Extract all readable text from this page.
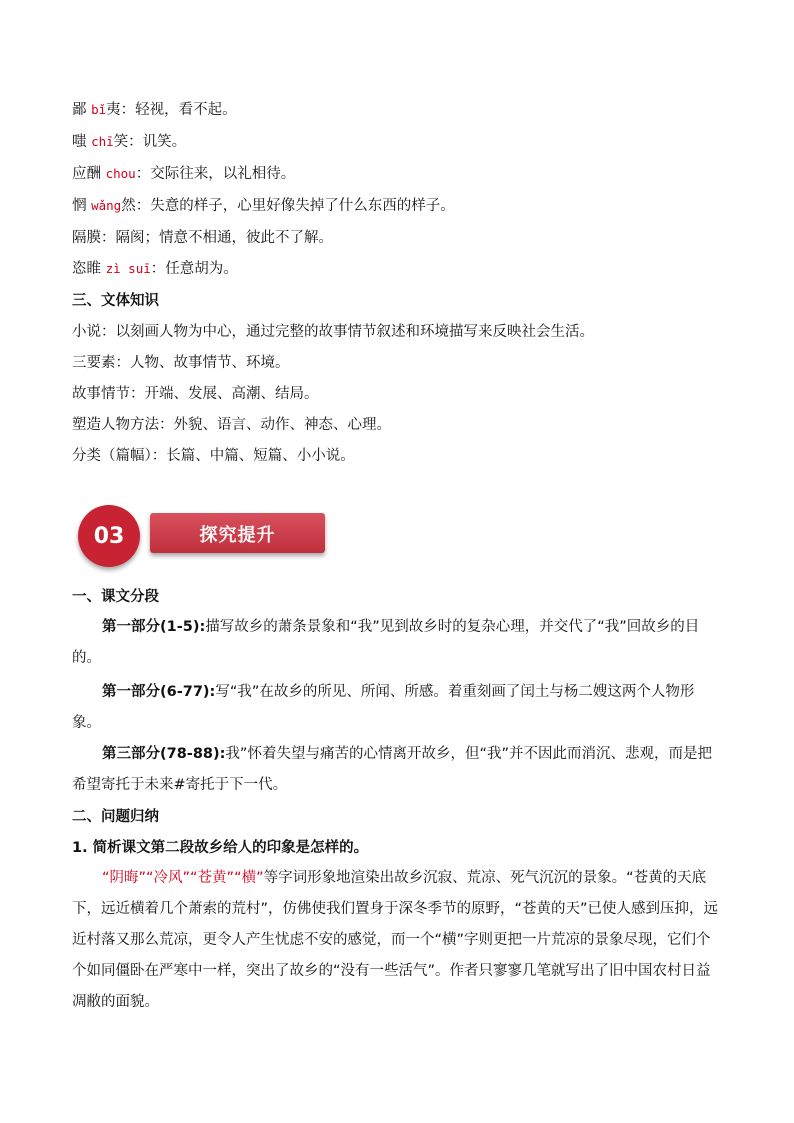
鄙 bǐ夷：轻视，看不起。
嗤 chī笑：讥笑。
应酬 chou：交际往来，以礼相待。
惘 wǎng然：失意的样子，心里好像失掉了什么东西的样子。
隔膜：隔阂；情意不相通，彼此不了解。
恣睢 zì suī：任意胡为。
三、文体知识
小说：以刻画人物为中心，通过完整的故事情节叙述和环境描写来反映社会生活。
三要素：人物、故事情节、环境。
故事情节：开端、发展、高潮、结局。
塑造人物方法：外貌、语言、动作、神态、心理。
分类（篇幅）：长篇、中篇、短篇、小小说。
探究提升
03
一、课文分段
第一部分(1-5):描写故乡的萧条景象和“我”见到故乡时的复杂心理，并交代了“我”回故乡的目的。
第一部分(6-77):写“我”在故乡的所见、所闻、所感。着重刻画了闰土与杨二嫂这两个人物形象。
第三部分(78-88):我”怀着失望与痛苦的心情离开故乡，但“我”并不因此而消沉、悲观，而是把希望寄托于未来#寄托于下一代。
二、问题归纳
1. 简析课文第二段故乡给人的印象是怎样的。
“阴晦”“冷风”“苍黄”“横”等字词形象地渲染出故乡沉寂、荒凉、死气沉沉的景象。“苍黄的天底下，远近横着几个萧索的荒村”，仿佛使我们置身于深冬季节的原野，“苍黄的天”已使人感到压抑，远近村落又那么荒凉，更令人产生忧虑不安的感觉，而一个“横”字则更把一片荒凉的景象尽现，它们个个如同僵卧在严寒中一样，突出了故乡的“没有一些活气”。作者只寥寥几笔就写出了旧中国农村日益凋敝的面貌。
